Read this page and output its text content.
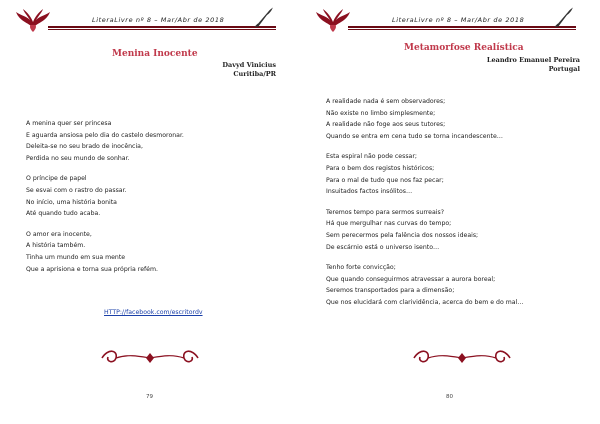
LiteraLivre nº 8 – Mar/Abr de 2018
Menina Inocente
Davyd Vinicius
Curitiba/PR
A menina quer ser princesa
E aguarda ansiosa pelo dia do castelo desmoronar.
Deleita-se no seu brado de inocência,
Perdida no seu mundo de sonhar.
O príncipe de papel
Se esvai com o rastro do passar.
No início, uma história bonita
Até quando tudo acaba.
O amor era inocente,
A história também.
Tinha um mundo em sua mente
Que a aprisiona e torna sua própria refém.
HTTP://facebook.com/escritordv
79
LiteraLivre nº 8 – Mar/Abr de 2018
Metamorfose Realística
Leandro Emanuel Pereira
Portugal
A realidade nada é sem observadores;
Não existe no limbo simplesmente;
A realidade não foge aos seus tutores;
Quando se entra em cena tudo se torna incandescente…
Esta espiral não pode cessar;
Para o bem dos registos históricos;
Para o mal de tudo que nos faz pecar;
Insuitados factos insólitos…
Teremos tempo para sermos surreais?
Há que mergulhar nas curvas do tempo;
Sem perecermos pela falência dos nossos ideais;
De escárnio está o universo isento…
Tenho forte convicção;
Que quando conseguirmos atravessar a aurora boreal;
Seremos transportados para a dimensão;
Que nos elucidará com clarividência, acerca do bem e do mal…
80
